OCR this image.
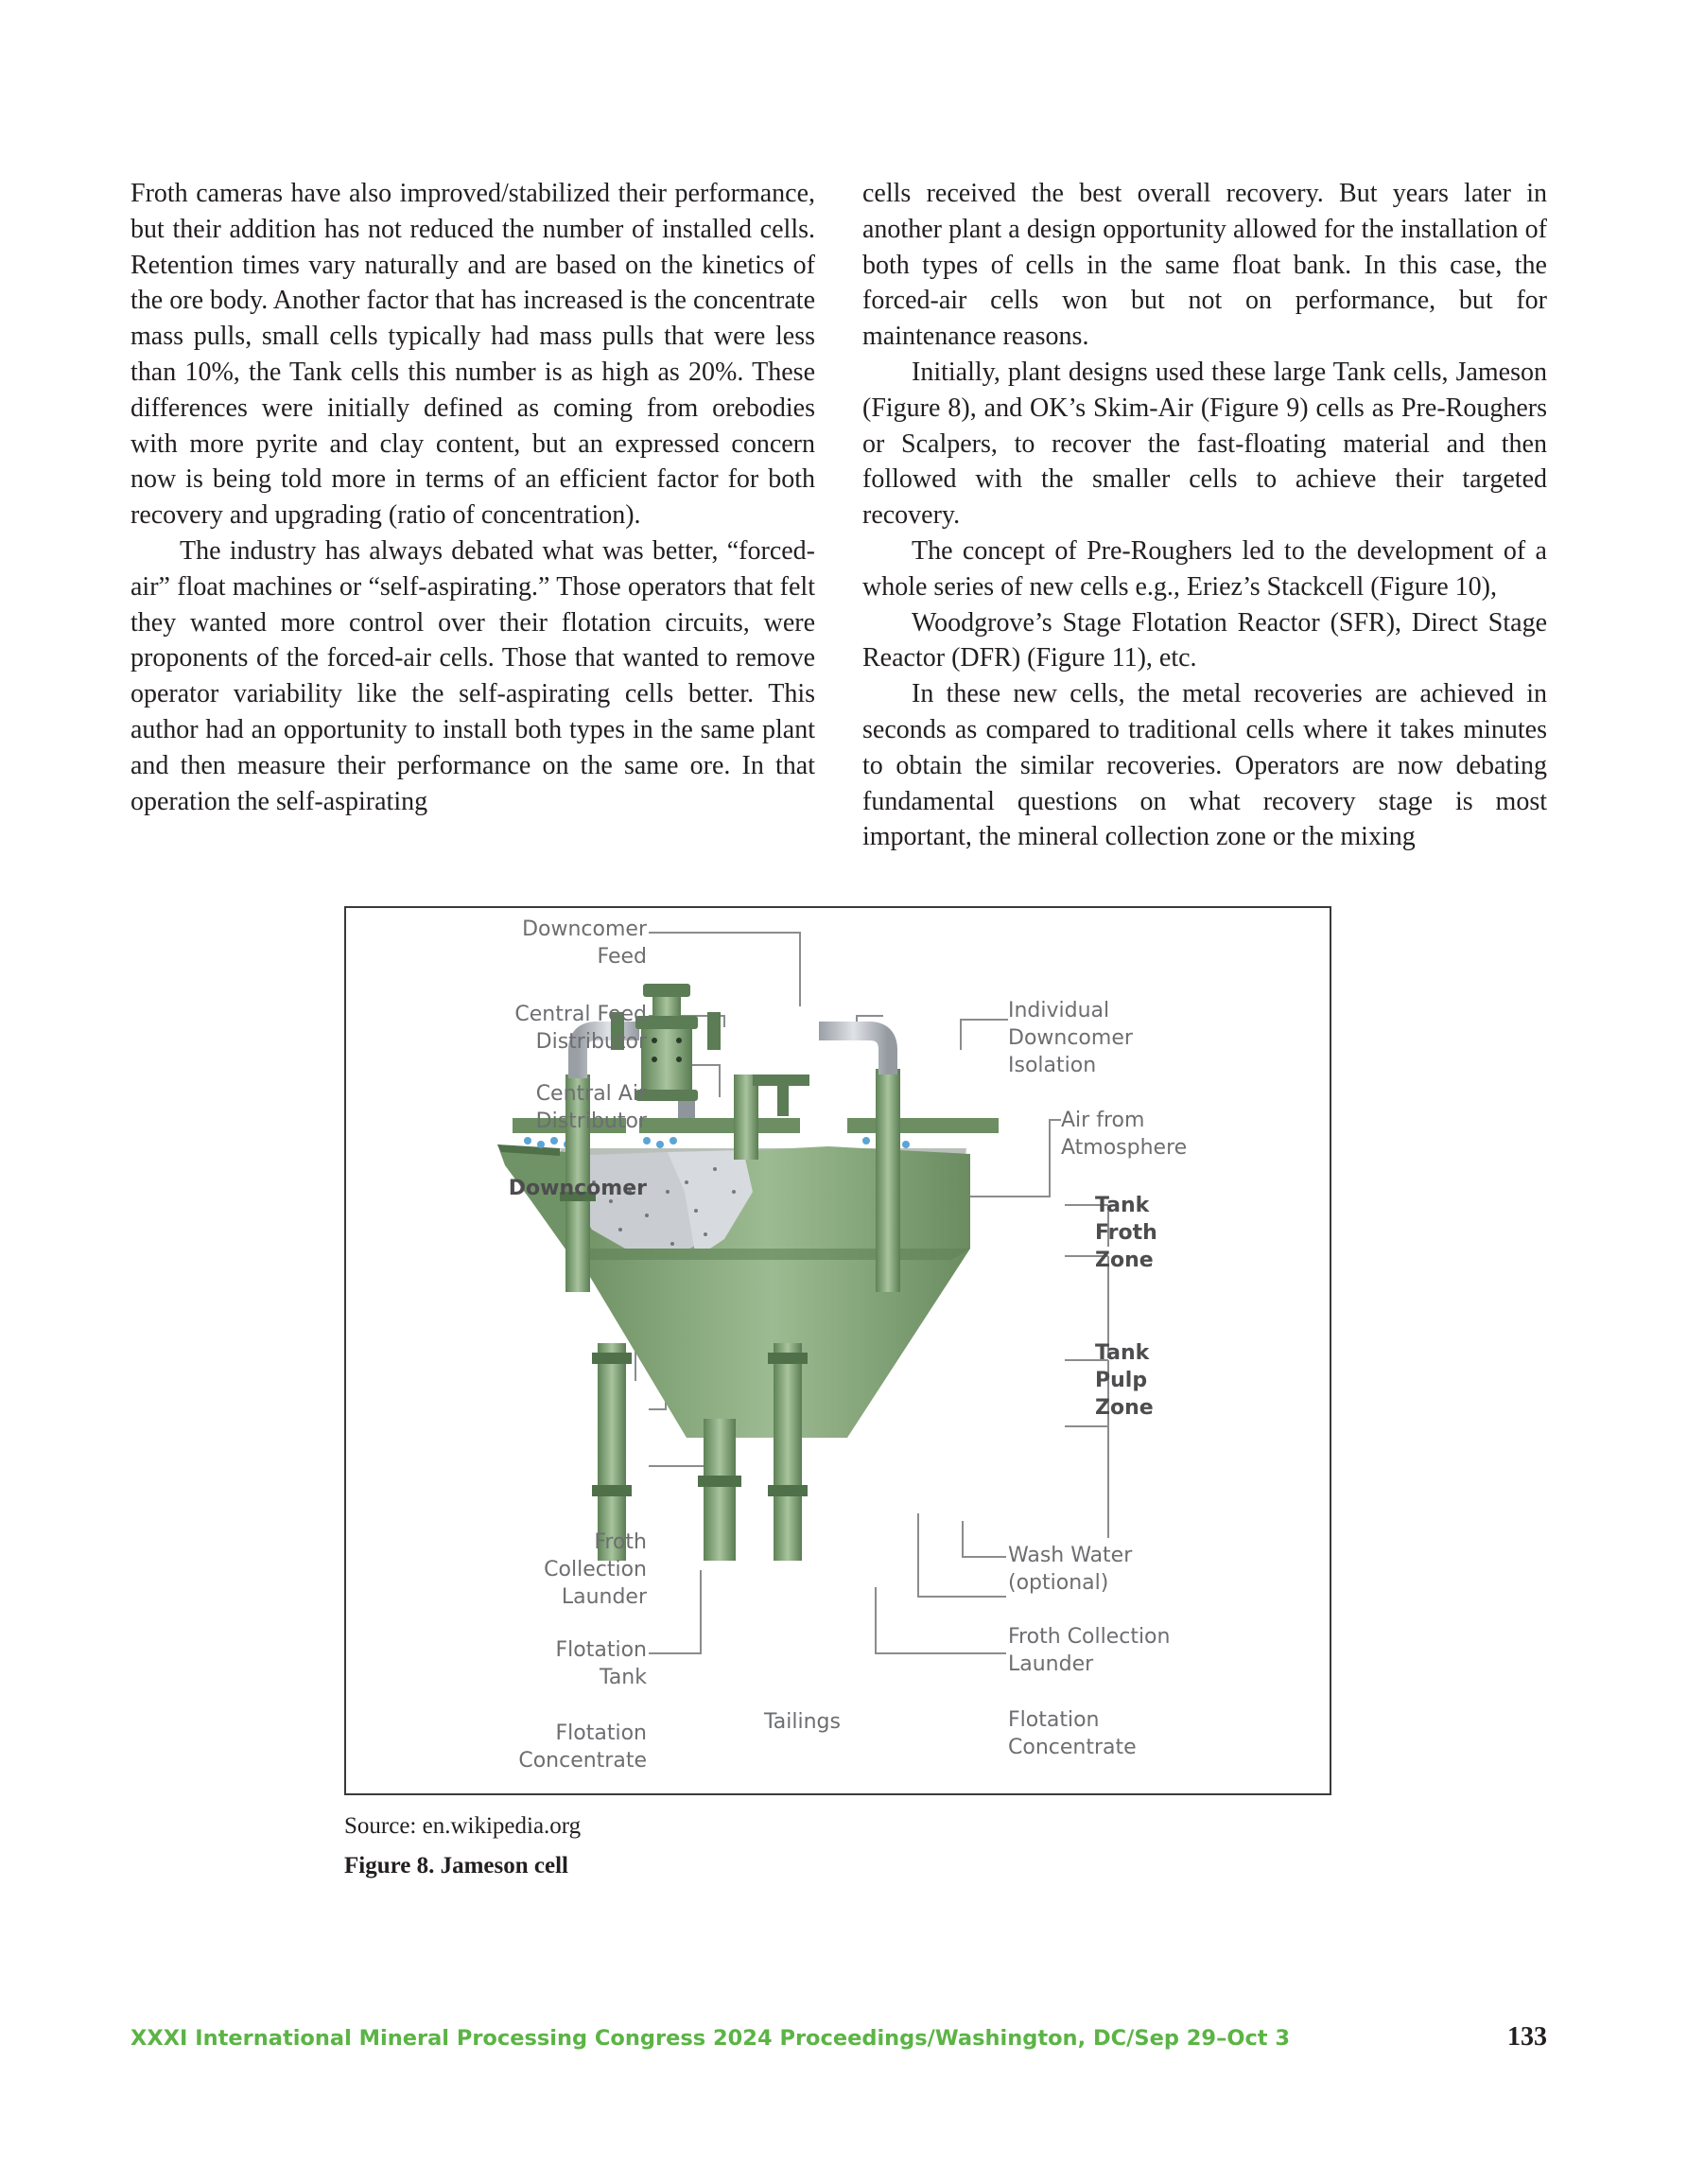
Froth cameras have also improved/stabilized their performance, but their addition has not reduced the number of installed cells. Retention times vary naturally and are based on the kinetics of the ore body. Another factor that has increased is the concentrate mass pulls, small cells typically had mass pulls that were less than 10%, the Tank cells this number is as high as 20%. These differences were initially defined as coming from orebodies with more pyrite and clay content, but an expressed concern now is being told more in terms of an efficient factor for both recovery and upgrading (ratio of concentration).

The industry has always debated what was better, “forced-air” float machines or “self-aspirating.” Those operators that felt they wanted more control over their flotation circuits, were proponents of the forced-air cells. Those that wanted to remove operator variability like the self-aspirating cells better. This author had an opportunity to install both types in the same plant and then measure their performance on the same ore. In that operation the self-aspirating

cells received the best overall recovery. But years later in another plant a design opportunity allowed for the installation of both types of cells in the same float bank. In this case, the forced-air cells won but not on performance, but for maintenance reasons.

Initially, plant designs used these large Tank cells, Jameson (Figure 8), and OK’s Skim-Air (Figure 9) cells as Pre-Roughers or Scalpers, to recover the fast-floating material and then followed with the smaller cells to achieve their targeted recovery.

The concept of Pre-Roughers led to the development of a whole series of new cells e.g., Eriez’s Stackcell (Figure 10),

Woodgrove’s Stage Flotation Reactor (SFR), Direct Stage Reactor (DFR) (Figure 11), etc.

In these new cells, the metal recoveries are achieved in seconds as compared to traditional cells where it takes minutes to obtain the similar recoveries. Operators are now debating fundamental questions on what recovery stage is most important, the mineral collection zone or the mixing

Downcomer
Feed
Central Feed
Distributor
Central Air
Distributor
Downcomer
Froth
Collection
Launder
Flotation
Tank
Flotation
Concentrate
Tailings
Individual
Downcomer
Isolation
Air from
Atmosphere
Tank
Froth
Zone
Tank
Pulp
Zone
Wash Water
(optional)
Froth Collection
Launder
Flotation
Concentrate
Source: en.wikipedia.org
Figure 8. Jameson cell
XXXI International Mineral Processing Congress 2024 Proceedings/Washington, DC/Sep 29–Oct 3	133
